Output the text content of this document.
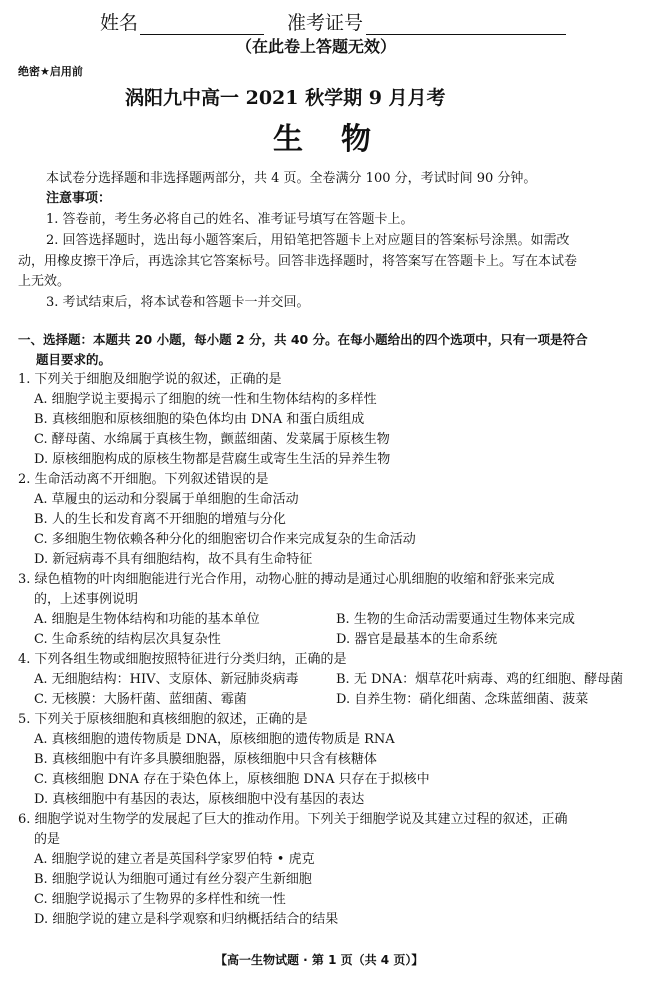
姓名	准考证号
（在此卷上答题无效）
绝密★启用前
涡阳九中高一 2021 秋学期 9 月月考
生　物
本试卷分选择题和非选择题两部分，共 4 页。全卷满分 100 分，考试时间 90 分钟。
注意事项：
1. 答卷前，考生务必将自己的姓名、准考证号填写在答题卡上。
2. 回答选择题时，选出每小题答案后，用铅笔把答题卡上对应题目的答案标号涂黑。如需改
动，用橡皮擦干净后，再选涂其它答案标号。回答非选择题时，将答案写在答题卡上。写在本试卷
上无效。
3. 考试结束后，将本试卷和答题卡一并交回。
一、选择题：本题共 20 小题，每小题 2 分，共 40 分。在每小题给出的四个选项中，只有一项是符合
题目要求的。
1. 下列关于细胞及细胞学说的叙述，正确的是
A. 细胞学说主要揭示了细胞的统一性和生物体结构的多样性
B. 真核细胞和原核细胞的染色体均由 DNA 和蛋白质组成
C. 酵母菌、水绵属于真核生物，颤蓝细菌、发菜属于原核生物
D. 原核细胞构成的原核生物都是营腐生或寄生生活的异养生物
2. 生命活动离不开细胞。下列叙述错误的是
A. 草履虫的运动和分裂属于单细胞的生命活动
B. 人的生长和发育离不开细胞的增殖与分化
C. 多细胞生物依赖各种分化的细胞密切合作来完成复杂的生命活动
D. 新冠病毒不具有细胞结构，故不具有生命特征
3. 绿色植物的叶肉细胞能进行光合作用，动物心脏的搏动是通过心肌细胞的收缩和舒张来完成
的，上述事例说明
A. 细胞是生物体结构和功能的基本单位	B. 生物的生命活动需要通过生物体来完成
C. 生命系统的结构层次具复杂性	D. 器官是最基本的生命系统
4. 下列各组生物或细胞按照特征进行分类归纳，正确的是
A. 无细胞结构：HIV、支原体、新冠肺炎病毒	B. 无 DNA：烟草花叶病毒、鸡的红细胞、酵母菌
C. 无核膜：大肠杆菌、蓝细菌、霉菌	D. 自养生物：硝化细菌、念珠蓝细菌、菠菜
5. 下列关于原核细胞和真核细胞的叙述，正确的是
A. 真核细胞的遗传物质是 DNA，原核细胞的遗传物质是 RNA
B. 真核细胞中有许多具膜细胞器，原核细胞中只含有核糖体
C. 真核细胞 DNA 存在于染色体上，原核细胞 DNA 只存在于拟核中
D. 真核细胞中有基因的表达，原核细胞中没有基因的表达
6. 细胞学说对生物学的发展起了巨大的推动作用。下列关于细胞学说及其建立过程的叙述，正确
的是
A. 细胞学说的建立者是英国科学家罗伯特 • 虎克
B. 细胞学说认为细胞可通过有丝分裂产生新细胞
C. 细胞学说揭示了生物界的多样性和统一性
D. 细胞学说的建立是科学观察和归纳概括结合的结果
【高一生物试题 · 第 1 页（共 4 页）】
